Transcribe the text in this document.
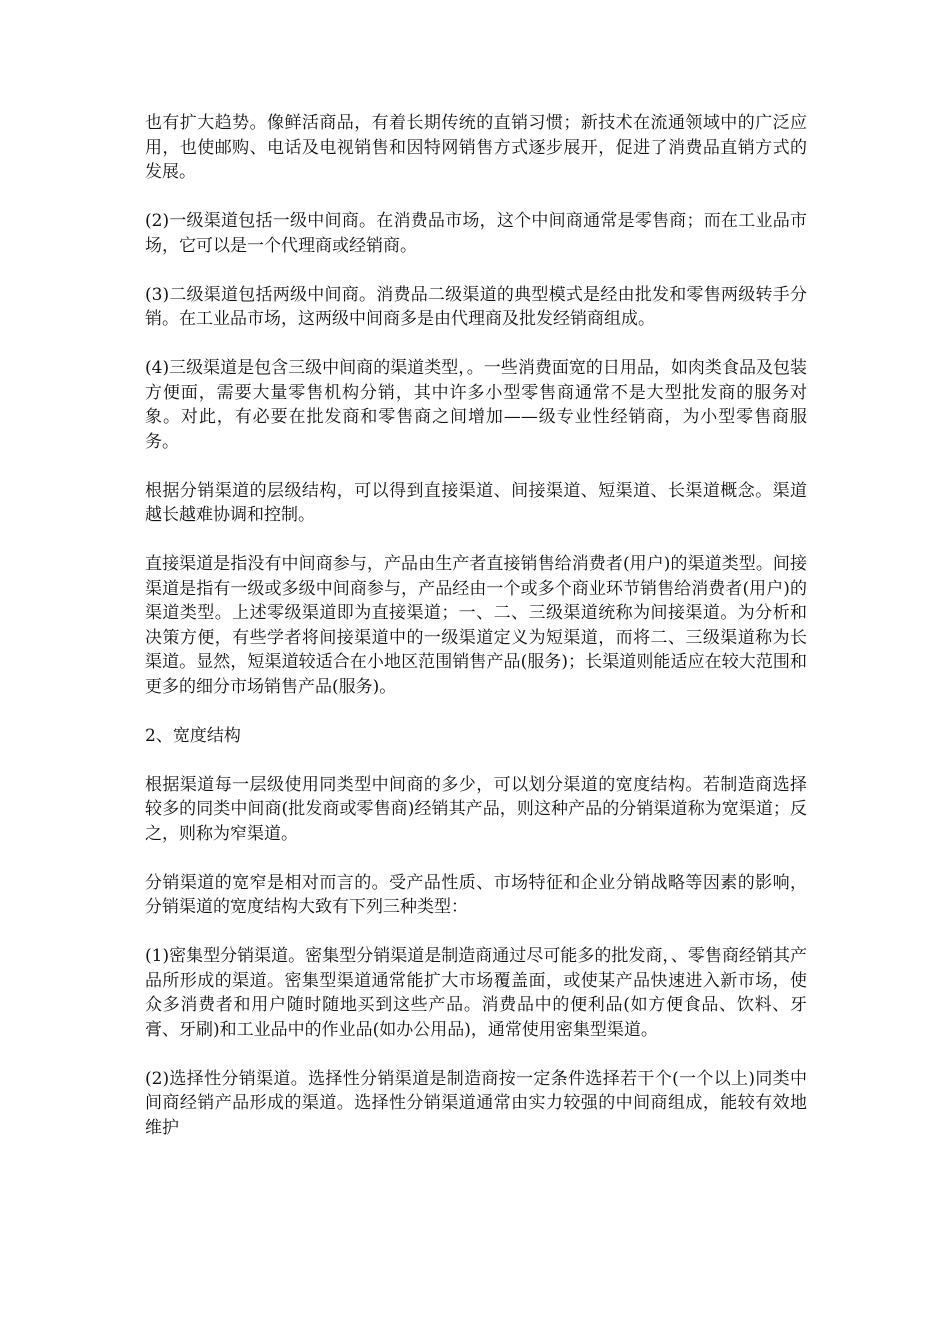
也有扩大趋势。像鲜活商品，有着长期传统的直销习惯；新技术在流通领域中的广泛应用，也使邮购、电话及电视销售和因特网销售方式逐步展开，促进了消费品直销方式的发展。

(2)一级渠道包括一级中间商。在消费品市场，这个中间商通常是零售商；而在工业品市场，它可以是一个代理商或经销商。

(3)二级渠道包括两级中间商。消费品二级渠道的典型模式是经由批发和零售两级转手分销。在工业品市场，这两级中间商多是由代理商及批发经销商组成。

(4)三级渠道是包含三级中间商的渠道类型，。一些消费面宽的日用品，如肉类食品及包装方便面，需要大量零售机构分销，其中许多小型零售商通常不是大型批发商的服务对象。对此，有必要在批发商和零售商之间增加——级专业性经销商，为小型零售商服务。

根据分销渠道的层级结构，可以得到直接渠道、间接渠道、短渠道、长渠道概念。渠道越长越难协调和控制。

直接渠道是指没有中间商参与，产品由生产者直接销售给消费者(用户)的渠道类型。间接渠道是指有一级或多级中间商参与，产品经由一个或多个商业环节销售给消费者(用户)的渠道类型。上述零级渠道即为直接渠道；一、二、三级渠道统称为间接渠道。为分析和决策方便，有些学者将间接渠道中的一级渠道定义为短渠道，而将二、三级渠道称为长渠道。显然，短渠道较适合在小地区范围销售产品(服务)；长渠道则能适应在较大范围和更多的细分市场销售产品(服务)。

2、宽度结构

根据渠道每一层级使用同类型中间商的多少，可以划分渠道的宽度结构。若制造商选择较多的同类中间商(批发商或零售商)经销其产品，则这种产品的分销渠道称为宽渠道；反之，则称为窄渠道。

分销渠道的宽窄是相对而言的。受产品性质、市场特征和企业分销战略等因素的影响，分销渠道的宽度结构大致有下列三种类型：

(1)密集型分销渠道。密集型分销渠道是制造商通过尽可能多的批发商，、零售商经销其产品所形成的渠道。密集型渠道通常能扩大市场覆盖面，或使某产品快速进入新市场，使众多消费者和用户随时随地买到这些产品。消费品中的便利品(如方便食品、饮料、牙膏、牙刷)和工业品中的作业品(如办公用品)，通常使用密集型渠道。

(2)选择性分销渠道。选择性分销渠道是制造商按一定条件选择若干个(一个以上)同类中间商经销产品形成的渠道。选择性分销渠道通常由实力较强的中间商组成，能较有效地维护
